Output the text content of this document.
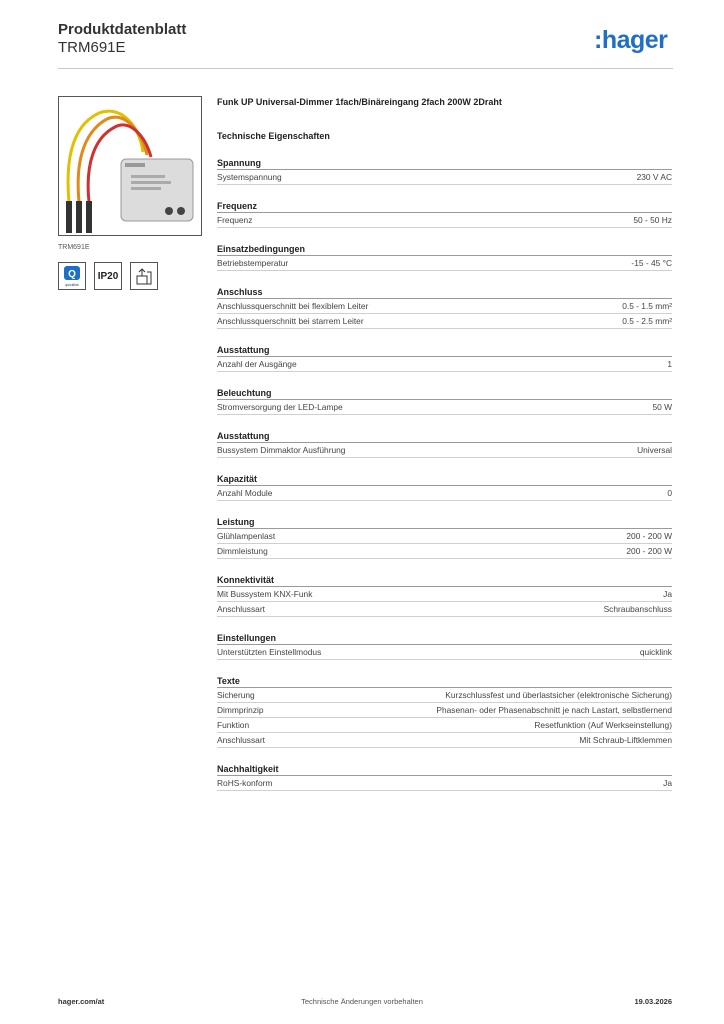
Produktdatenblatt
TRM691E	:hager
TRM691E
Q
quicklink
IP20
Funk UP Universal-Dimmer 1fach/Binäreingang 2fach 200W 2Draht
Technische Eigenschaften
Spannung
Systemspannung	230 V AC
Frequenz
Frequenz	50 - 50 Hz
Einsatzbedingungen
Betriebstemperatur	-15 - 45 °C
Anschluss
Anschlussquerschnitt bei flexiblem Leiter	0.5 - 1.5 mm²
Anschlussquerschnitt bei starrem Leiter	0.5 - 2.5 mm²
Ausstattung
Anzahl der Ausgänge	1
Beleuchtung
Stromversorgung der LED-Lampe	50 W
Ausstattung
Bussystem Dimmaktor Ausführung	Universal
Kapazität
Anzahl Module	0
Leistung
Glühlampenlast	200 - 200 W
Dimmleistung	200 - 200 W
Konnektivität
Mit Bussystem KNX-Funk	Ja
Anschlussart	Schraubanschluss
Einstellungen
Unterstützten Einstellmodus	quicklink
Texte
Sicherung	Kurzschlussfest und überlastsicher (elektronische Sicherung)
Dimmprinzip	Phasenan- oder Phasenabschnitt je nach Lastart, selbstlernend
Funktion	Resetfunktion (Auf Werkseinstellung)
Anschlussart	Mit Schraub-Liftklemmen
Nachhaltigkeit
RoHS-konform	Ja
hager.com/at	Technische Änderungen vorbehalten	19.03.2026
